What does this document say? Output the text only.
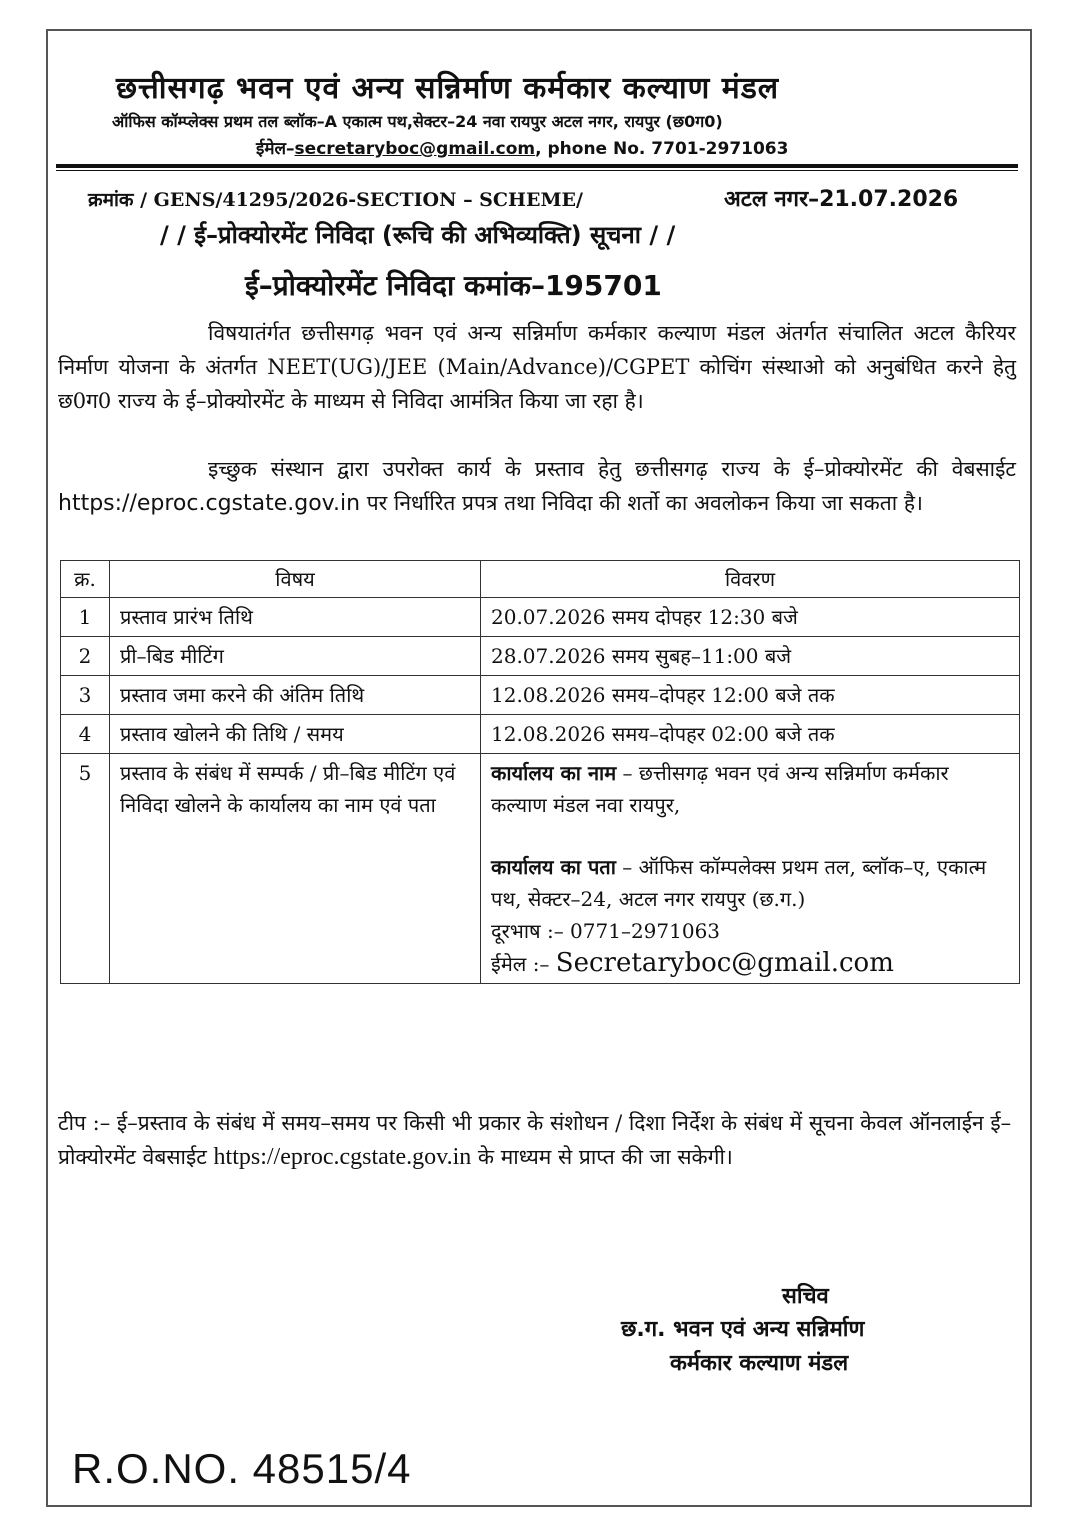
छत्तीसगढ़ भवन एवं अन्य सन्निर्माण कर्मकार कल्याण मंडल
ऑफिस कॉम्प्लेक्स प्रथम तल ब्लॉक–A एकात्म पथ,सेक्टर–24 नवा रायपुर अटल नगर, रायपुर (छ0ग0)
ईमेल–secretaryboc@gmail.com, phone No. 7701-2971063
क्रमांक / GENS/41295/2026-SECTION – SCHEME/	अटल नगर–21.07.2026
/ / ई–प्रोक्योरमेंट निविदा (रूचि की अभिव्यक्ति) सूचना / /
ई–प्रोक्योरमेंट निविदा कमांक–195701
विषयातंर्गत छत्तीसगढ़ भवन एवं अन्य सन्निर्माण कर्मकार कल्याण मंडल अंतर्गत संचालित अटल कैरियर निर्माण योजना के अंतर्गत NEET(UG)/JEE (Main/Advance)/CGPET कोचिंग संस्थाओ को अनुबंधित करने हेतु छ0ग0 राज्य के ई–प्रोक्योरमेंट के माध्यम से निविदा आमंत्रित किया जा रहा है।
इच्छुक संस्थान द्वारा उपरोक्त कार्य के प्रस्ताव हेतु छत्तीसगढ़ राज्य के ई–प्रोक्योरमेंट की वेबसाईट https://eproc.cgstate.gov.in पर निर्धारित प्रपत्र तथा निविदा की शर्तो का अवलोकन किया जा सकता है।
क्र.	विषय	विवरण
1	प्रस्ताव प्रारंभ तिथि	20.07.2026 समय दोपहर 12:30 बजे
2	प्री–बिड मीटिंग	28.07.2026 समय सुबह–11:00 बजे
3	प्रस्ताव जमा करने की अंतिम तिथि	12.08.2026 समय–दोपहर 12:00 बजे तक
4	प्रस्ताव खोलने की तिथि / समय	12.08.2026 समय–दोपहर 02:00 बजे तक
5	प्रस्ताव के संबंध में सम्पर्क / प्री–बिड मीटिंग एवं निविदा खोलने के कार्यालय का नाम एवं पता	कार्यालय का नाम – छत्तीसगढ़ भवन एवं अन्य सन्निर्माण कर्मकार कल्याण मंडल नवा रायपुर,
कार्यालय का पता – ऑफिस कॉम्पलेक्स प्रथम तल, ब्लॉक–ए, एकात्म पथ, सेक्टर–24, अटल नगर रायपुर (छ.ग.)
दूरभाष :– 0771–2971063
ईमेल :– Secretaryboc@gmail.com
टीप :– ई–प्रस्ताव के संबंध में समय–समय पर किसी भी प्रकार के संशोधन / दिशा निर्देश के संबंध में सूचना केवल ऑनलाईन ई–प्रोक्योरमेंट वेबसाईट https://eproc.cgstate.gov.in के माध्यम से प्राप्त की जा सकेगी।
सचिव
छ.ग. भवन एवं अन्य सन्निर्माण
कर्मकार कल्याण मंडल
R.O.NO. 48515/4
